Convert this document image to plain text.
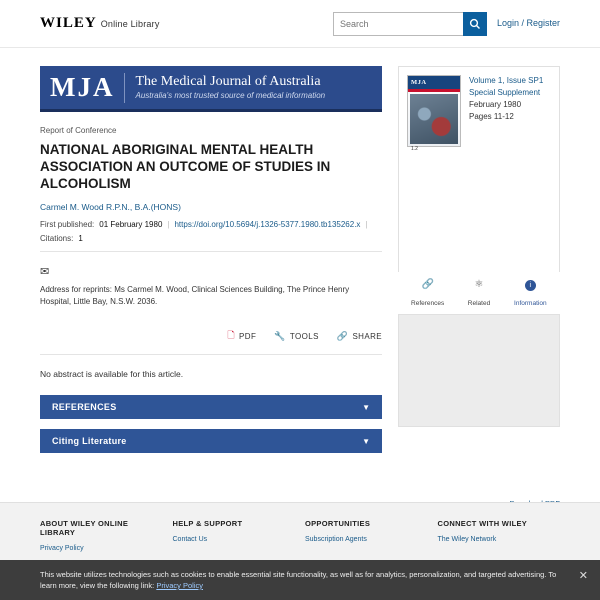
WILEY Online Library
Search	Login / Register
MJA	The Medical Journal of Australia
Australia's most trusted source of medical information
Report of Conference
NATIONAL ABORIGINAL MENTAL HEALTH ASSOCIATION AN OUTCOME OF STUDIES IN ALCOHOLISM
Carmel M. Wood R.P.N., B.A.(HONS)
First published: 01 February 1980 | https://doi.org/10.5694/j.1326-5377.1980.tb135262.x |
Citations: 1
✉
Address for reprints: Ms Carmel M. Wood, Clinical Sciences Building, The Prince Henry Hospital, Little Bay, N.S.W. 2036.
🗋 PDF 🔧 TOOLS 🔗 SHARE
No abstract is available for this article.
REFERENCES	▼
Citing Literature	▼
MJA
1.2
Volume 1, Issue SP1
Special Supplement
February 1980
Pages 11-12
🔗
References
⚛
Related
i
Information
ABOUT WILEY ONLINE LIBRARY
Privacy Policy
HELP & SUPPORT
Contact Us
OPPORTUNITIES
Subscription Agents
CONNECT WITH WILEY
The Wiley Network
This website utilizes technologies such as cookies to enable essential site functionality, as well as for analytics, personalization, and targeted advertising. To learn more, view the following link: Privacy Policy
✕
